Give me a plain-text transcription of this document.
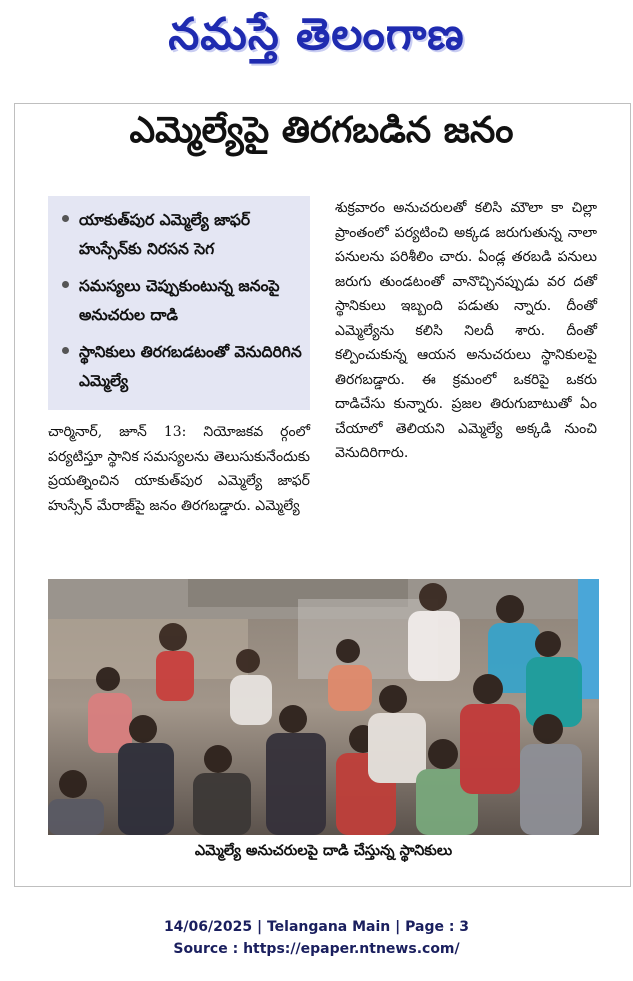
నమస్తే తెలంగాణ
ఎమ్మెల్యేపై తిరగబడిన జనం
యాకుత్‌పుర ఎమ్మెల్యే జాఫర్ హుస్సేన్‌కు నిరసన సెగ
సమస్యలు చెప్పుకుంటున్న జనంపై అనుచరుల దాడి
స్థానికులు తిరగబడటంతో వెనుదిరిగిన ఎమ్మెల్యే

చార్మినార్, జూన్ 13: నియోజకవ ర్గంలో పర్యటిస్తూ స్థానిక సమస్యలను తెలుసుకునేందుకు ప్రయత్నించిన యాకుత్‌పుర ఎమ్మెల్యే జాఫర్ హుస్సేన్ మేరాజ్‌పై జనం తిరగబడ్డారు. ఎమ్మెల్యే

శుక్రవారం అనుచరులతో కలిసి మౌలా కా చిల్లా ప్రాంతంలో పర్యటించి అక్కడ జరుగుతున్న నాలా పనులను పరిశీలిం చారు. ఏండ్ల తరబడి పనులు జరుగు తుండటంతో వానొచ్చినప్పుడు వర దతో స్థానికులు ఇబ్బంది పడుతు న్నారు. దీంతో ఎమ్మెల్యేను కలిసి నిలదీ శారు. దీంతో కల్పించుకున్న ఆయన అనుచరులు స్థానికులపై తిరగబడ్డారు. ఈ క్రమంలో ఒకరిపై ఒకరు దాడిచేసు కున్నారు. ప్రజల తిరుగుబాటుతో ఏం చేయాలో తెలియని ఎమ్మెల్యే అక్కడి నుంచి వెనుదిరిగారు.

ఎమ్మెల్యే అనుచరులపై దాడి చేస్తున్న స్థానికులు
14/06/2025 | Telangana Main | Page : 3
Source : https://epaper.ntnews.com/
